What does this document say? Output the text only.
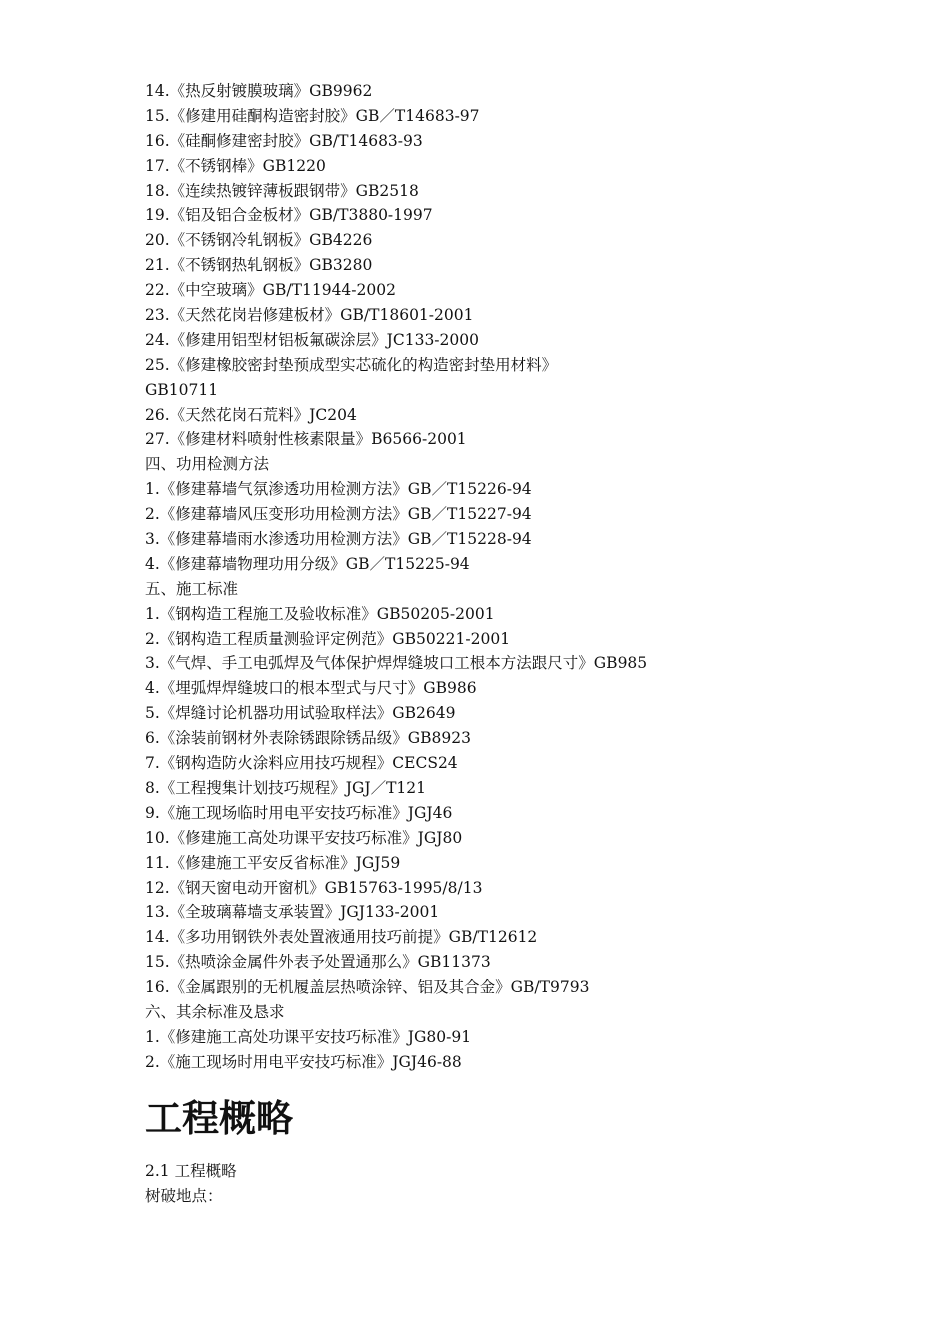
14.《热反射镀膜玻璃》GB9962
15.《修建用硅酮构造密封胶》GB／T14683-97
16.《硅酮修建密封胶》GB/T14683-93
17.《不锈钢棒》GB1220
18.《连续热镀锌薄板跟钢带》GB2518
19.《铝及铝合金板材》GB/T3880-1997
20.《不锈钢冷轧钢板》GB4226
21.《不锈钢热轧钢板》GB3280
22.《中空玻璃》GB/T11944-2002
23.《天然花岗岩修建板材》GB/T18601-2001
24.《修建用铝型材铝板氟碳涂层》JC133-2000
25.《修建橡胶密封垫预成型实芯硫化的构造密封垫用材料》
GB10711
26.《天然花岗石荒料》JC204
27.《修建材料喷射性核素限量》B6566-2001
四、功用检测方法
1.《修建幕墙气氛渗透功用检测方法》GB／T15226-94
2.《修建幕墙风压变形功用检测方法》GB／T15227-94
3.《修建幕墙雨水渗透功用检测方法》GB／T15228-94
4.《修建幕墙物理功用分级》GB／T15225-94
五、施工标准
1.《钢构造工程施工及验收标准》GB50205-2001
2.《钢构造工程质量测验评定例范》GB50221-2001
3.《气焊、手工电弧焊及气体保护焊焊缝坡口工根本方法跟尺寸》GB985
4.《埋弧焊焊缝坡口的根本型式与尺寸》GB986
5.《焊缝讨论机器功用试验取样法》GB2649
6.《涂装前钢材外表除锈跟除锈品级》GB8923
7.《钢构造防火涂料应用技巧规程》CECS24
8.《工程搜集计划技巧规程》JGJ／T121
9.《施工现场临时用电平安技巧标准》JGJ46
10.《修建施工高处功课平安技巧标准》JGJ80
11.《修建施工平安反省标准》JGJ59
12.《钢天窗电动开窗机》GB15763-1995/8/13
13.《全玻璃幕墙支承装置》JGJ133-2001
14.《多功用钢铁外表处置液通用技巧前提》GB/T12612
15.《热喷涂金属件外表予处置通那么》GB11373
16.《金属跟别的无机履盖层热喷涂锌、铝及其合金》GB/T9793
六、其余标准及恳求
1.《修建施工高处功课平安技巧标准》JG80-91
2.《施工现场时用电平安技巧标准》JGJ46-88
工程概略
2.1 工程概略
树破地点：
